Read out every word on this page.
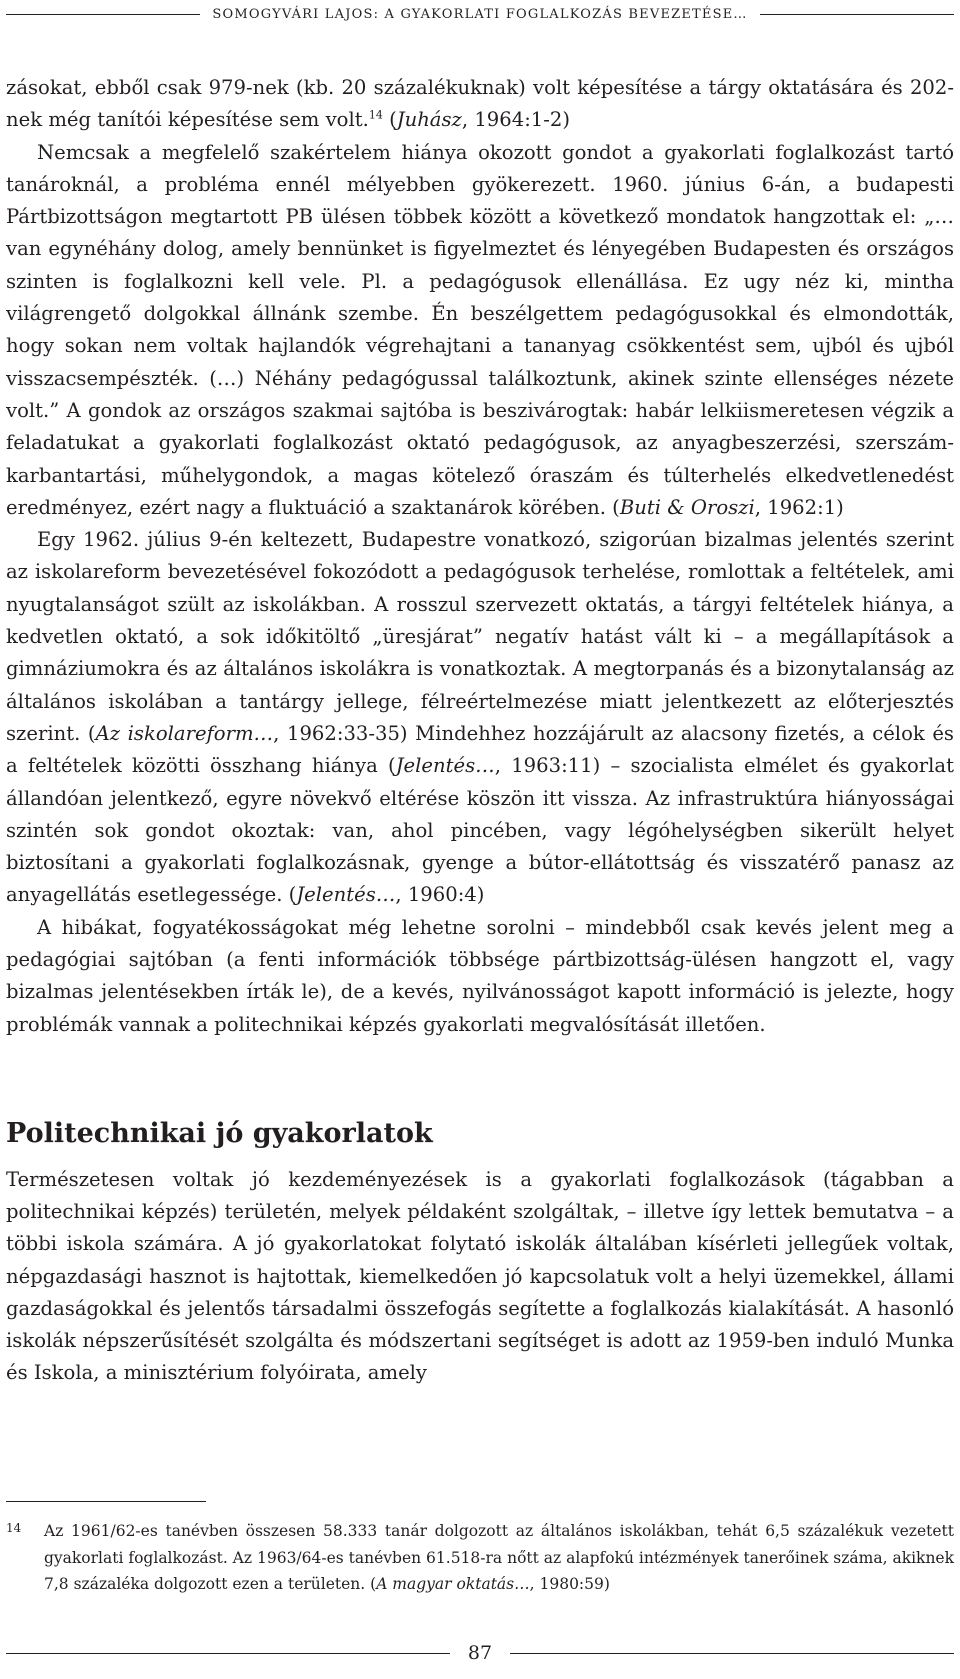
SOMOGYVÁRI LAJOS: A GYAKORLATI FOGLALKOZÁS BEVEZETÉSE…

zásokat, ebből csak 979-nek (kb. 20 százalékuknak) volt képesítése a tárgy oktatására és 202-nek még tanítói képesítése sem volt.$^{14}$ (Juhász, 1964:1-2)

Nemcsak a megfelelő szakértelem hiánya okozott gondot a gyakorlati foglalkozást tartó tanároknál, a probléma ennél mélyebben gyökerezett. 1960. június 6-án, a budapesti Pártbizottságon megtartott PB ülésen többek között a következő mondatok hangzottak el: „…van egynéhány dolog, amely bennünket is figyelmeztet és lényegében Budapesten és országos szinten is foglalkozni kell vele. Pl. a pedagógusok ellenállása. Ez ugy néz ki, mintha világrengető dolgokkal állnánk szembe. Én beszélgettem pedagógusokkal és elmondották, hogy sokan nem voltak hajlandók végrehajtani a tananyag csökkentést sem, ujból és ujból visszacsempészték. (…) Néhány pedagógussal találkoztunk, akinek szinte ellenséges nézete volt.” A gondok az országos szakmai sajtóba is beszivárogtak: habár lelkiismeretesen végzik a feladatukat a gyakorlati foglalkozást oktató pedagógusok, az anyagbeszerzési, szerszám-karbantartási, műhelygondok, a magas kötelező óraszám és túlterhelés elkedvetlenedést eredményez, ezért nagy a fluktuáció a szaktanárok körében. (Buti & Oroszi, 1962:1)

Egy 1962. július 9-én keltezett, Budapestre vonatkozó, szigorúan bizalmas jelentés szerint az iskolareform bevezetésével fokozódott a pedagógusok terhelése, romlottak a feltételek, ami nyugtalanságot szült az iskolákban. A rosszul szervezett oktatás, a tárgyi feltételek hiánya, a kedvetlen oktató, a sok időkitöltő „üresjárat” negatív hatást vált ki – a megállapítások a gimnáziumokra és az általános iskolákra is vonatkoztak. A megtorpanás és a bizonytalanság az általános iskolában a tantárgy jellege, félreértelmezése miatt jelentkezett az előterjesztés szerint. (Az iskolareform…, 1962:33-35) Mindehhez hozzájárult az alacsony fizetés, a célok és a feltételek közötti összhang hiánya (Jelentés…, 1963:11) – szocialista elmélet és gyakorlat állandóan jelentkező, egyre növekvő eltérése köszön itt vissza. Az infrastruktúra hiányosságai szintén sok gondot okoztak: van, ahol pincében, vagy légóhelységben sikerült helyet biztosítani a gyakorlati foglalkozásnak, gyenge a bútor-ellátottság és visszatérő panasz az anyagellátás esetlegessége. (Jelentés…, 1960:4)

A hibákat, fogyatékosságokat még lehetne sorolni – mindebből csak kevés jelent meg a pedagógiai sajtóban (a fenti információk többsége pártbizottság-ülésen hangzott el, vagy bizalmas jelentésekben írták le), de a kevés, nyilvánosságot kapott információ is jelezte, hogy problémák vannak a politechnikai képzés gyakorlati megvalósítását illetően.

Politechnikai jó gyakorlatok

Természetesen voltak jó kezdeményezések is a gyakorlati foglalkozások (tágabban a politechnikai képzés) területén, melyek példaként szolgáltak, – illetve így lettek bemutatva – a többi iskola számára. A jó gyakorlatokat folytató iskolák általában kísérleti jellegűek voltak, népgazdasági hasznot is hajtottak, kiemelkedően jó kapcsolatuk volt a helyi üzemekkel, állami gazdaságokkal és jelentős társadalmi összefogás segítette a foglalkozás kialakítását. A hasonló iskolák népszerűsítését szolgálta és módszertani segítséget is adott az 1959-ben induló Munka és Iskola, a minisztérium folyóirata, amely

14	Az 1961/62-es tanévben összesen 58.333 tanár dolgozott az általános iskolákban, tehát 6,5 százalékuk vezetett gyakorlati foglalkozást. Az 1963/64-es tanévben 61.518-ra nőtt az alapfokú intézmények tanerőinek száma, akiknek 7,8 százaléka dolgozott ezen a területen. (A magyar oktatás…, 1980:59)
87
